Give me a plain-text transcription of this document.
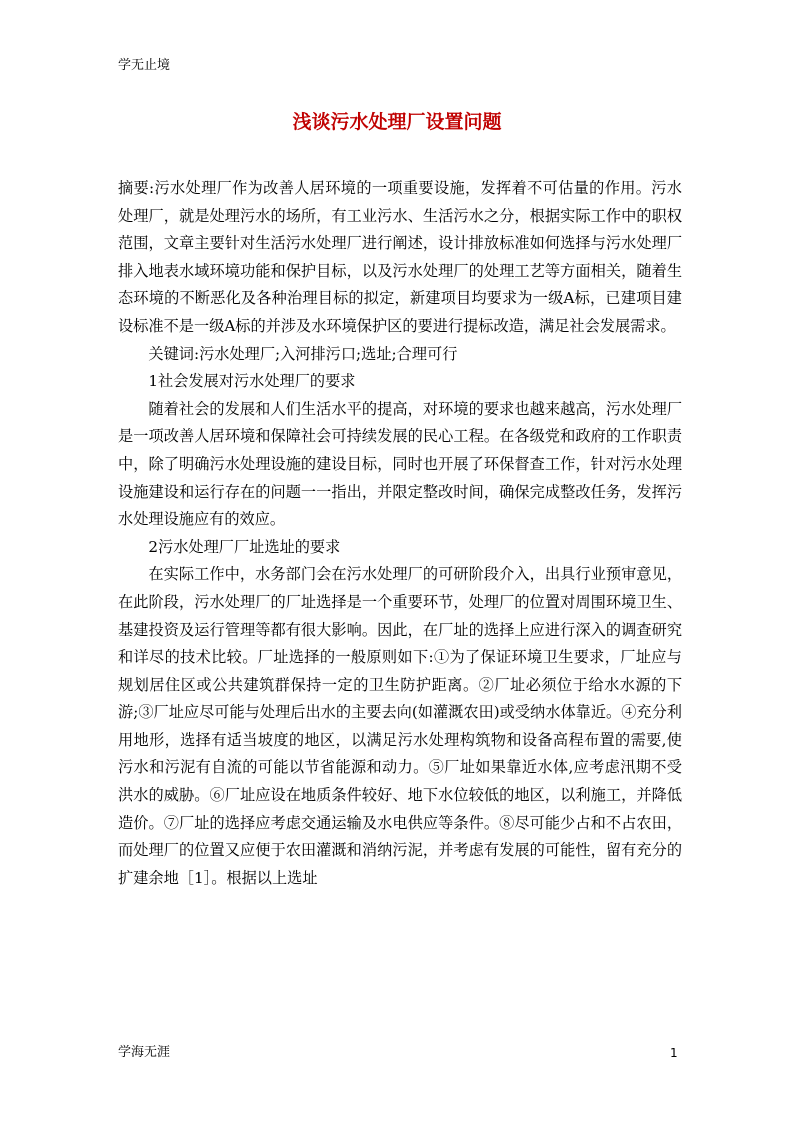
学无止境
浅谈污水处理厂设置问题

摘要:污水处理厂作为改善人居环境的一项重要设施，发挥着不可估量的作用。污水处理厂，就是处理污水的场所，有工业污水、生活污水之分，根据实际工作中的职权范围，文章主要针对生活污水处理厂进行阐述，设计排放标准如何选择与污水处理厂排入地表水域环境功能和保护目标，以及污水处理厂的处理工艺等方面相关，随着生态环境的不断恶化及各种治理目标的拟定，新建项目均要求为一级A标，已建项目建设标准不是一级A标的并涉及水环境保护区的要进行提标改造，满足社会发展需求。

关键词:污水处理厂;入河排污口;选址;合理可行

1社会发展对污水处理厂的要求

随着社会的发展和人们生活水平的提高，对环境的要求也越来越高，污水处理厂是一项改善人居环境和保障社会可持续发展的民心工程。在各级党和政府的工作职责中，除了明确污水处理设施的建设目标，同时也开展了环保督查工作，针对污水处理设施建设和运行存在的问题一一指出，并限定整改时间，确保完成整改任务，发挥污水处理设施应有的效应。

2污水处理厂厂址选址的要求

在实际工作中，水务部门会在污水处理厂的可研阶段介入，出具行业预审意见，在此阶段，污水处理厂的厂址选择是一个重要环节，处理厂的位置对周围环境卫生、基建投资及运行管理等都有很大影响。因此，在厂址的选择上应进行深入的调查研究和详尽的技术比较。厂址选择的一般原则如下:①为了保证环境卫生要求，厂址应与规划居住区或公共建筑群保持一定的卫生防护距离。②厂址必须位于给水水源的下游;③厂址应尽可能与处理后出水的主要去向(如灌溉农田)或受纳水体靠近。④充分利用地形，选择有适当坡度的地区，以满足污水处理构筑物和设备高程布置的需要,使污水和污泥有自流的可能以节省能源和动力。⑤厂址如果靠近水体,应考虑汛期不受洪水的威胁。⑥厂址应设在地质条件较好、地下水位较低的地区，以利施工，并降低造价。⑦厂址的选择应考虑交通运输及水电供应等条件。⑧尽可能少占和不占农田，而处理厂的位置又应便于农田灌溉和消纳污泥，并考虑有发展的可能性，留有充分的扩建余地［1］。根据以上选址

学海无涯	1
